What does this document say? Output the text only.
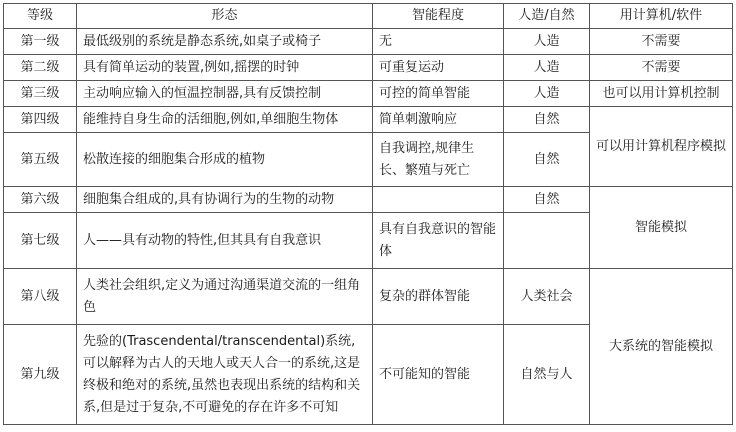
等级	形态	智能程度	人造/自然	用计算机/软件
第一级	最低级别的系统是静态系统,如桌子或椅子	无	人造	不需要
第二级	具有简单运动的装置,例如,摇摆的时钟	可重复运动	人造	不需要
第三级	主动响应输入的恒温控制器,具有反馈控制	可控的简单智能	人造	也可以用计算机控制
第四级	能维持自身生命的活细胞,例如,单细胞生物体	简单刺激响应	自然	可以用计算机程序模拟
第五级	松散连接的细胞集合形成的植物	自我调控,规律生长、繁殖与死亡	自然	
第六级	细胞集合组成的,具有协调行为的生物的动物		自然	智能模拟
第七级	人——具有动物的特性,但其具有自我意识	具有自我意识的智能体		
第八级	人类社会组织,定义为通过沟通渠道交流的一组角色	复杂的群体智能	人类社会	大系统的智能模拟
第九级	先验的(Trascendental/transcendental)系统,可以解释为古人的天地人或天人合一的系统,这是终极和绝对的系统,虽然也表现出系统的结构和关系,但是过于复杂,不可避免的存在许多不可知	不可能知的智能	自然与人	
